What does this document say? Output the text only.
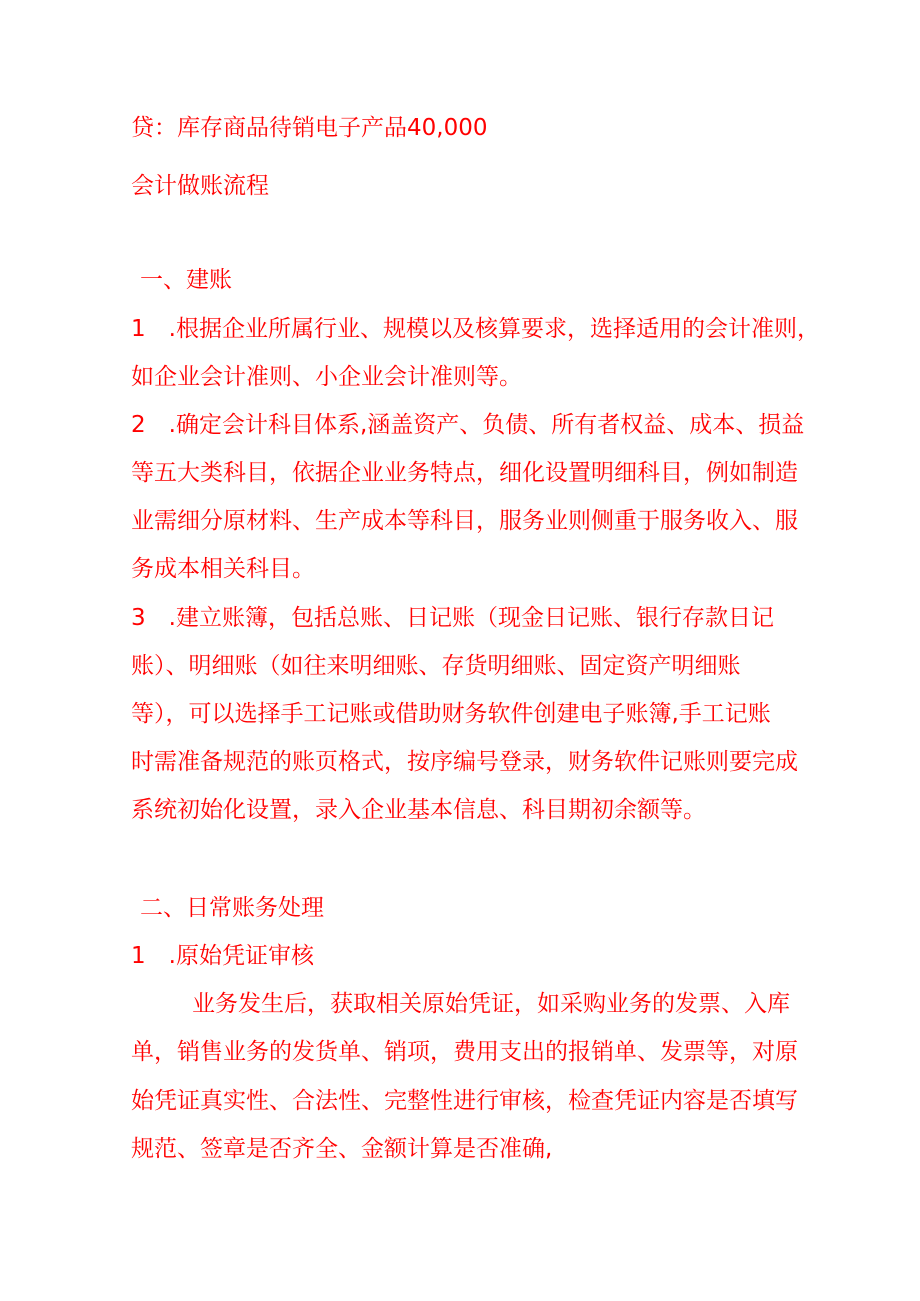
贷：库存商品待销电子产品40,000

会计做账流程

一、建账

1　.根据企业所属行业、规模以及核算要求，选择适用的会计准则，

如企业会计准则、小企业会计准则等。

2　.确定会计科目体系,涵盖资产、负债、所有者权益、成本、损益

等五大类科目，依据企业业务特点，细化设置明细科目，例如制造

业需细分原材料、生产成本等科目，服务业则侧重于服务收入、服

务成本相关科目。

3　.建立账簿，包括总账、日记账（现金日记账、银行存款日记

账）、明细账（如往来明细账、存货明细账、固定资产明细账

等），可以选择手工记账或借助财务软件创建电子账簿,手工记账

时需准备规范的账页格式，按序编号登录，财务软件记账则要完成

系统初始化设置，录入企业基本信息、科目期初余额等。

二、日常账务处理

1　.原始凭证审核

业务发生后，获取相关原始凭证，如采购业务的发票、入库

单，销售业务的发货单、销项，费用支出的报销单、发票等，对原

始凭证真实性、合法性、完整性进行审核，检查凭证内容是否填写

规范、签章是否齐全、金额计算是否准确,
